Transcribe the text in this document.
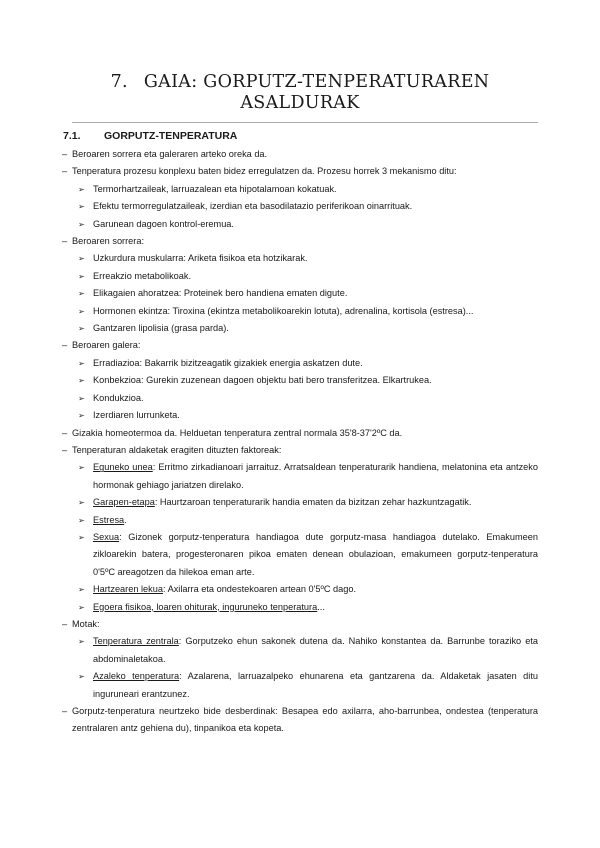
7. GAIA: GORPUTZ-TENPERATURAREN
ASALDURAK
7.1. GORPUTZ-TENPERATURA
– Beroaren sorrera eta galeraren arteko oreka da.
– Tenperatura prozesu konplexu baten bidez erregulatzen da. Prozesu horrek 3 mekanismo ditu:
➢ Termorhartzaileak, larruazalean eta hipotalamoan kokatuak.
➢ Efektu termorregulatzaileak, izerdian eta basodilatazio periferikoan oinarrituak.
➢ Garunean dagoen kontrol-eremua.
– Beroaren sorrera:
➢ Uzkurdura muskularra: Ariketa fisikoa eta hotzikarak.
➢ Erreakzio metabolikoak.
➢ Elikagaien ahoratzea: Proteinek bero handiena ematen digute.
➢ Hormonen ekintza: Tiroxina (ekintza metabolikoarekin lotuta), adrenalina, kortisola (estresa)...
➢ Gantzaren lipolisia (grasa parda).
– Beroaren galera:
➢ Erradiazioa: Bakarrik bizitzeagatik gizakiek energia askatzen dute.
➢ Konbekzioa: Gurekin zuzenean dagoen objektu bati bero transferitzea. Elkartrukea.
➢ Kondukzioa.
➢ Izerdiaren lurrunketa.
– Gizakia homeotermoa da. Helduetan tenperatura zentral normala 35'8-37'2ºC da.
– Tenperaturan aldaketak eragiten dituzten faktoreak:
➢ Eguneko unea: Erritmo zirkadianoari jarraituz. Arratsaldean tenperaturarik handiena, melatonina eta antzeko hormonak gehiago jariatzen direlako.
➢ Garapen-etapa: Haurtzaroan tenperaturarik handia ematen da bizitzan zehar hazkuntzagatik.
➢ Estresa.
➢ Sexua: Gizonek gorputz-tenperatura handiagoa dute gorputz-masa handiagoa dutelako. Emakumeen zikloarekin batera, progesteronaren pikoa ematen denean obulazioan, emakumeen gorputz-tenperatura 0'5ºC areagotzen da hilekoa eman arte.
➢ Hartzearen lekua: Axilarra eta ondestekoaren artean 0'5ºC dago.
➢ Egoera fisikoa, loaren ohiturak, inguruneko tenperatura...
– Motak:
➢ Tenperatura zentrala: Gorputzeko ehun sakonek dutena da. Nahiko konstantea da. Barrunbe toraziko eta abdominaletakoa.
➢ Azaleko tenperatura: Azalarena, larruazalpeko ehunarena eta gantzarena da. Aldaketak jasaten ditu inguruneari erantzunez.
– Gorputz-tenperatura neurtzeko bide desberdinak: Besapea edo axilarra, aho-barrunbea, ondestea (tenperatura zentralaren antz gehiena du), tinpanikoa eta kopeta.
